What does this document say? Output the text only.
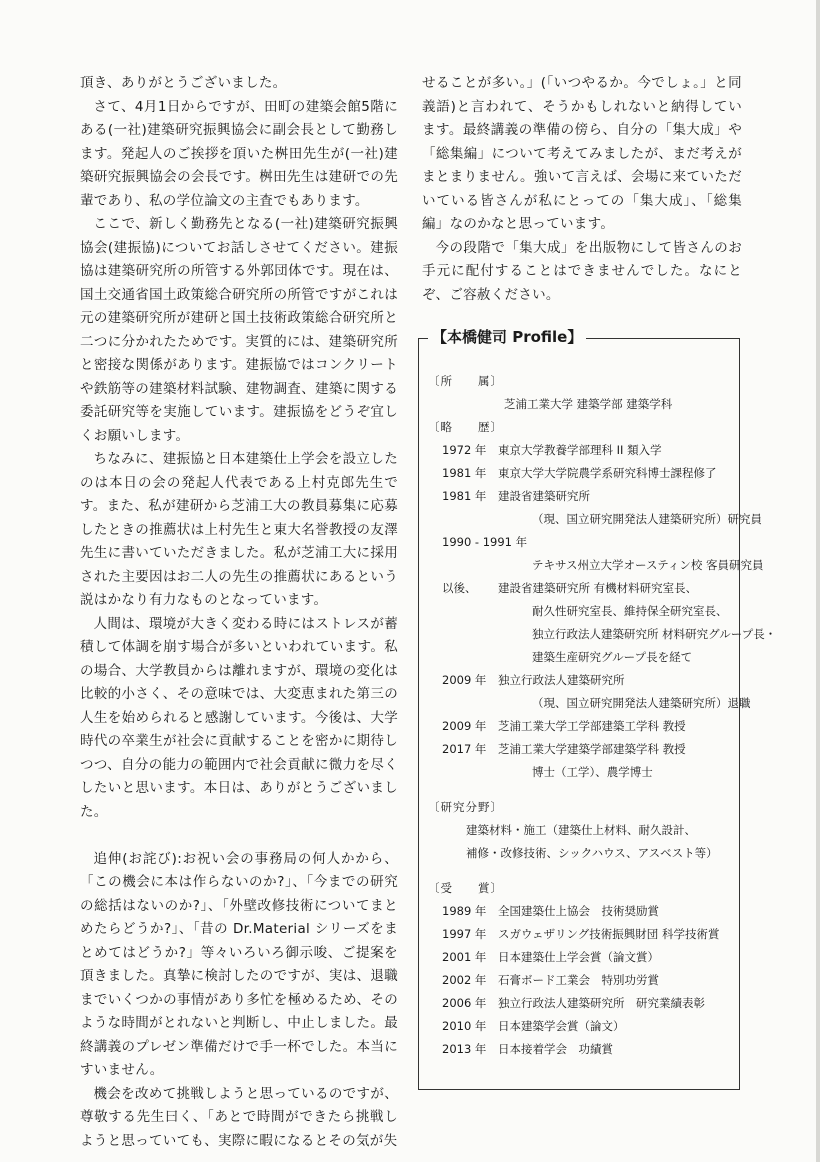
頂き、ありがとうございました。

さて、4月1日からですが、田町の建築会館5階にある(一社)建築研究振興協会に副会長として勤務します。発起人のご挨拶を頂いた桝田先生が(一社)建築研究振興協会の会長です。桝田先生は建研での先輩であり、私の学位論文の主査でもあります。

ここで、新しく勤務先となる(一社)建築研究振興協会(建振協)についてお話しさせてください。建振協は建築研究所の所管する外郭団体です。現在は、国土交通省国土政策総合研究所の所管ですがこれは元の建築研究所が建研と国土技術政策総合研究所と二つに分かれたためです。実質的には、建築研究所と密接な関係があります。建振協ではコンクリートや鉄筋等の建築材料試験、建物調査、建築に関する委託研究等を実施しています。建振協をどうぞ宜しくお願いします。

ちなみに、建振協と日本建築仕上学会を設立したのは本日の会の発起人代表である上村克郎先生です。また、私が建研から芝浦工大の教員募集に応募したときの推薦状は上村先生と東大名誉教授の友澤先生に書いていただきました。私が芝浦工大に採用された主要因はお二人の先生の推薦状にあるという説はかなり有力なものとなっています。

人間は、環境が大きく変わる時にはストレスが蓄積して体調を崩す場合が多いといわれています。私の場合、大学教員からは離れますが、環境の変化は比較的小さく、その意味では、大変恵まれた第三の人生を始められると感謝しています。今後は、大学時代の卒業生が社会に貢献することを密かに期待しつつ、自分の能力の範囲内で社会貢献に微力を尽くしたいと思います。本日は、ありがとうございました。

追伸(お詫び):お祝い会の事務局の何人かから、「この機会に本は作らないのか?」、「今までの研究の総括はないのか?」、「外壁改修技術についてまとめたらどうか?」、「昔の Dr.Material シリーズをまとめてはどうか?」等々いろいろ御示唆、ご提案を頂きました。真摯に検討したのですが、実は、退職までいくつかの事情があり多忙を極めるため、そのような時間がとれないと判断し、中止しました。最終講義のプレゼン準備だけで手一杯でした。本当にすいません。

機会を改めて挑戦しようと思っているのですが、尊敬する先生曰く、「あとで時間ができたら挑戦しようと思っていても、実際に暇になるとその気が失

せることが多い。」(「いつやるか。今でしょ。」と同義語)と言われて、そうかもしれないと納得しています。最終講義の準備の傍ら、自分の「集大成」や「総集編」について考えてみましたが、まだ考えがまとまりません。強いて言えば、会場に来ていただいている皆さんが私にとっての「集大成」、「総集編」なのかなと思っています。

今の段階で「集大成」を出版物にして皆さんのお手元に配付することはできませんでした。なにとぞ、ご容赦ください。

【本橋健司 Profile】
〔所　　属〕
芝浦工業大学 建築学部 建築学科
〔略　　歴〕
1972 年	東京大学教養学部理科 II 類入学
1981 年	東京大学大学院農学系研究科博士課程修了
1981 年	建設省建築研究所
（現、国立研究開発法人建築研究所）研究員
1990 - 1991 年
テキサス州立大学オースティン校 客員研究員
以後、	建設省建築研究所 有機材料研究室長、
耐久性研究室長、維持保全研究室長、
独立行政法人建築研究所 材料研究グループ長・
建築生産研究グループ長を経て
2009 年	独立行政法人建築研究所
（現、国立研究開発法人建築研究所）退職
2009 年	芝浦工業大学工学部建築工学科 教授
2017 年	芝浦工業大学建築学部建築学科 教授
博士（工学）、農学博士
〔研究分野〕
建築材料・施工（建築仕上材料、耐久設計、
補修・改修技術、シックハウス、アスベスト等）
〔受　　賞〕
1989 年	全国建築仕上協会　技術奨励賞
1997 年	スガウェザリング技術振興財団 科学技術賞
2001 年	日本建築仕上学会賞（論文賞）
2002 年	石膏ボード工業会　特別功労賞
2006 年	独立行政法人建築研究所　研究業績表彰
2010 年	日本建築学会賞（論文）
2013 年	日本接着学会　功績賞
